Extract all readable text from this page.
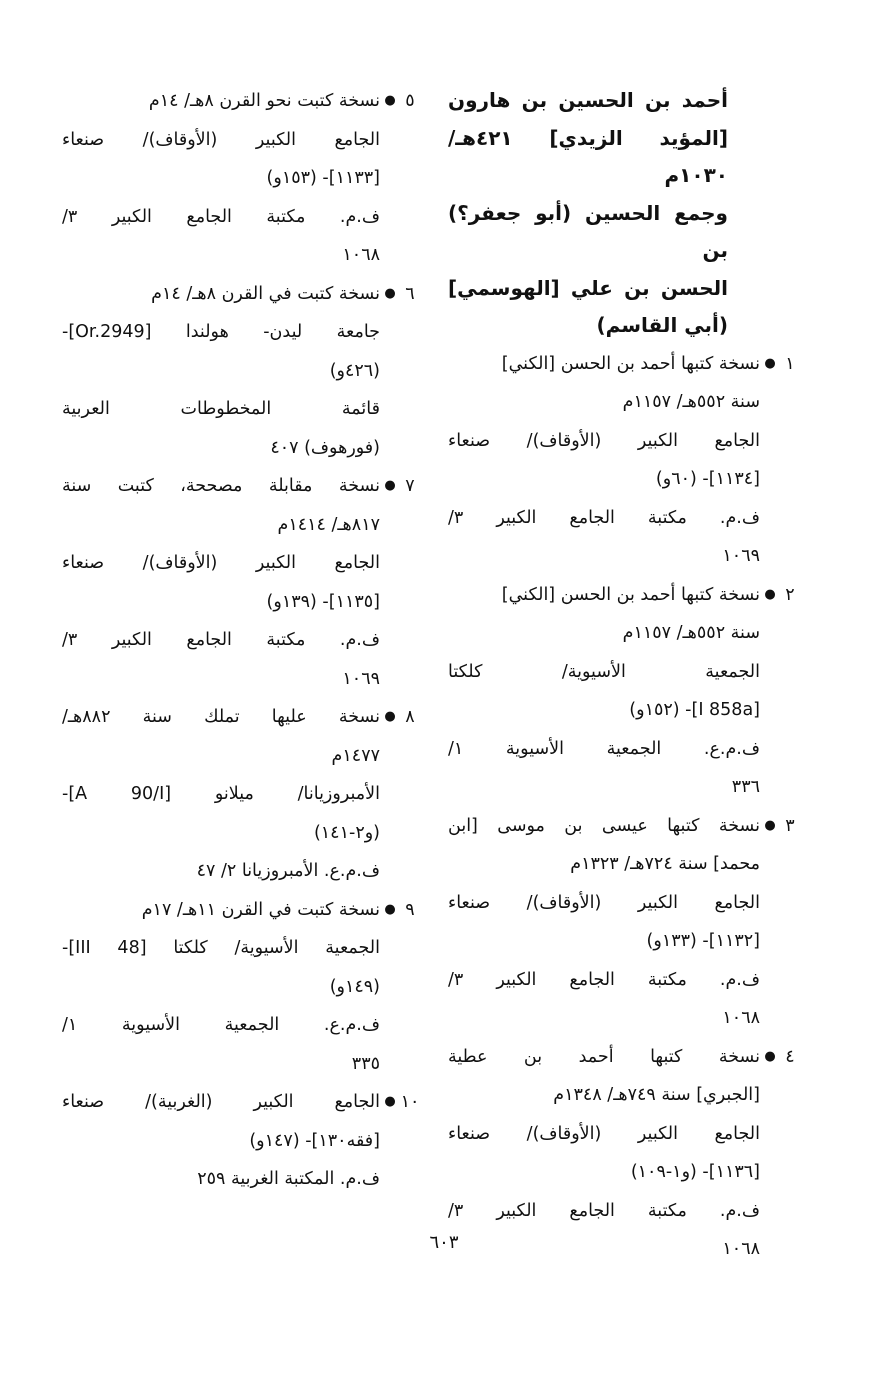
أحمد بن الحسين بن هارون
[المؤيد الزيدي] ٤٢١هـ/ ١٠٣٠م
وجمع الحسين (أبو جعفر؟) بن
الحسن بن علي [الهوسمي]
(أبي القاسم)
١
●
نسخة كتبها أحمد بن الحسن [الكني]
سنة ٥٥٢هـ/ ١١٥٧م
الجامع الكبير (الأوقاف)/ صنعاء
[١١٣٤]- (٦٠و)
ف.م. مكتبة الجامع الكبير ٣/
١٠٦٩
٢
●
نسخة كتبها أحمد بن الحسن [الكني]
سنة ٥٥٢هـ/ ١١٥٧م
الجمعية الأسيوية/ كلكتا
[I 858a]- (١٥٢و)
ف.م.ع. الجمعية الأسيوية ١/
٣٣٦
٣
●
نسخة كتبها عيسى بن موسى [ابن
محمد] سنة ٧٢٤هـ/ ١٣٢٣م
الجامع الكبير (الأوقاف)/ صنعاء
[١١٣٢]- (١٣٣و)
ف.م. مكتبة الجامع الكبير ٣/
١٠٦٨
٤
●
نسخة كتبها أحمد بن عطية
[الجبري] سنة ٧٤٩هـ/ ١٣٤٨م
الجامع الكبير (الأوقاف)/ صنعاء
[١١٣٦]- (و١-١٠٩)
ف.م. مكتبة الجامع الكبير ٣/
١٠٦٨
٥
●
نسخة كتبت نحو القرن ٨هـ/ ١٤م
الجامع الكبير (الأوقاف)/ صنعاء
[١١٣٣]- (١٥٣و)
ف.م. مكتبة الجامع الكبير ٣/
١٠٦٨
٦
●
نسخة كتبت في القرن ٨هـ/ ١٤م
جامعة ليدن- هولندا [Or.2949]-
(٤٢٦و)
قائمة المخطوطات العربية
(فورهوف) ٤٠٧
٧
●
نسخة مقابلة مصححة، كتبت سنة
٨١٧هـ/ ١٤١٤م
الجامع الكبير (الأوقاف)/ صنعاء
[١١٣٥]- (١٣٩و)
ف.م. مكتبة الجامع الكبير ٣/
١٠٦٩
٨
●
نسخة عليها تملك سنة ٨٨٢هـ/
١٤٧٧م
الأمبروزيانا/ ميلانو [A 90/I]-
(و٢-١٤١)
ف.م.ع. الأمبروزيانا ٢/ ٤٧
٩
●
نسخة كتبت في القرن ١١هـ/ ١٧م
الجمعية الأسيوية/ كلكتا [III 48]-
(١٤٩و)
ف.م.ع. الجمعية الأسيوية ١/
٣٣٥
١٠
●
الجامع الكبير (الغربية)/ صنعاء
[فقه١٣٠]- (١٤٧و)
ف.م. المكتبة الغربية ٢٥٩
٦٠٣
